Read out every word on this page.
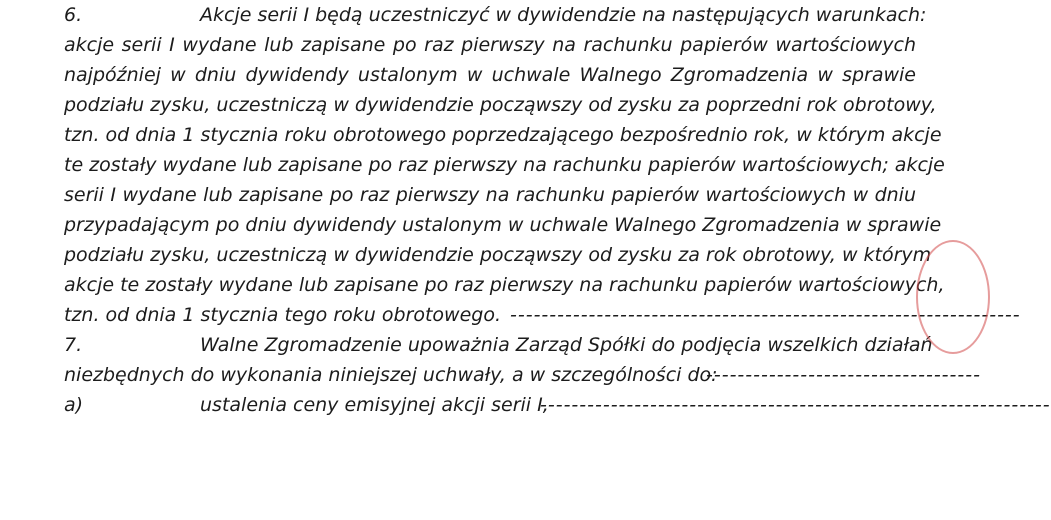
6.	Akcje serii I będą uczestniczyć w dywidendzie na następujących warunkach:
akcje serii I wydane lub zapisane po raz pierwszy na rachunku papierów wartościowych
najpóźniej w dniu dywidendy ustalonym w uchwale Walnego Zgromadzenia w sprawie
podziału zysku, uczestniczą w dywidendzie począwszy od zysku za poprzedni rok obrotowy,
tzn. od dnia 1 stycznia roku obrotowego poprzedzającego bezpośrednio rok, w którym akcje
te zostały wydane lub zapisane po raz pierwszy na rachunku papierów wartościowych; akcje
serii I wydane lub zapisane po raz pierwszy na rachunku papierów wartościowych w dniu
przypadającym po dniu dywidendy ustalonym w uchwale Walnego Zgromadzenia w sprawie
podziału zysku, uczestniczą w dywidendzie począwszy od zysku za rok obrotowy, w którym
akcje te zostały wydane lub zapisane po raz pierwszy na rachunku papierów wartościowych,
tzn. od dnia 1 stycznia tego roku obrotowego. -----------------------------------------------------------------
7.	Walne Zgromadzenie upoważnia Zarząd Spółki do podjęcia wszelkich działań
niezbędnych do wykonania niniejszej uchwały, a w szczególności do:
-----------------------------------
a)	ustalenia ceny emisyjnej akcji serii I,
-----------------------------------------------------------------
